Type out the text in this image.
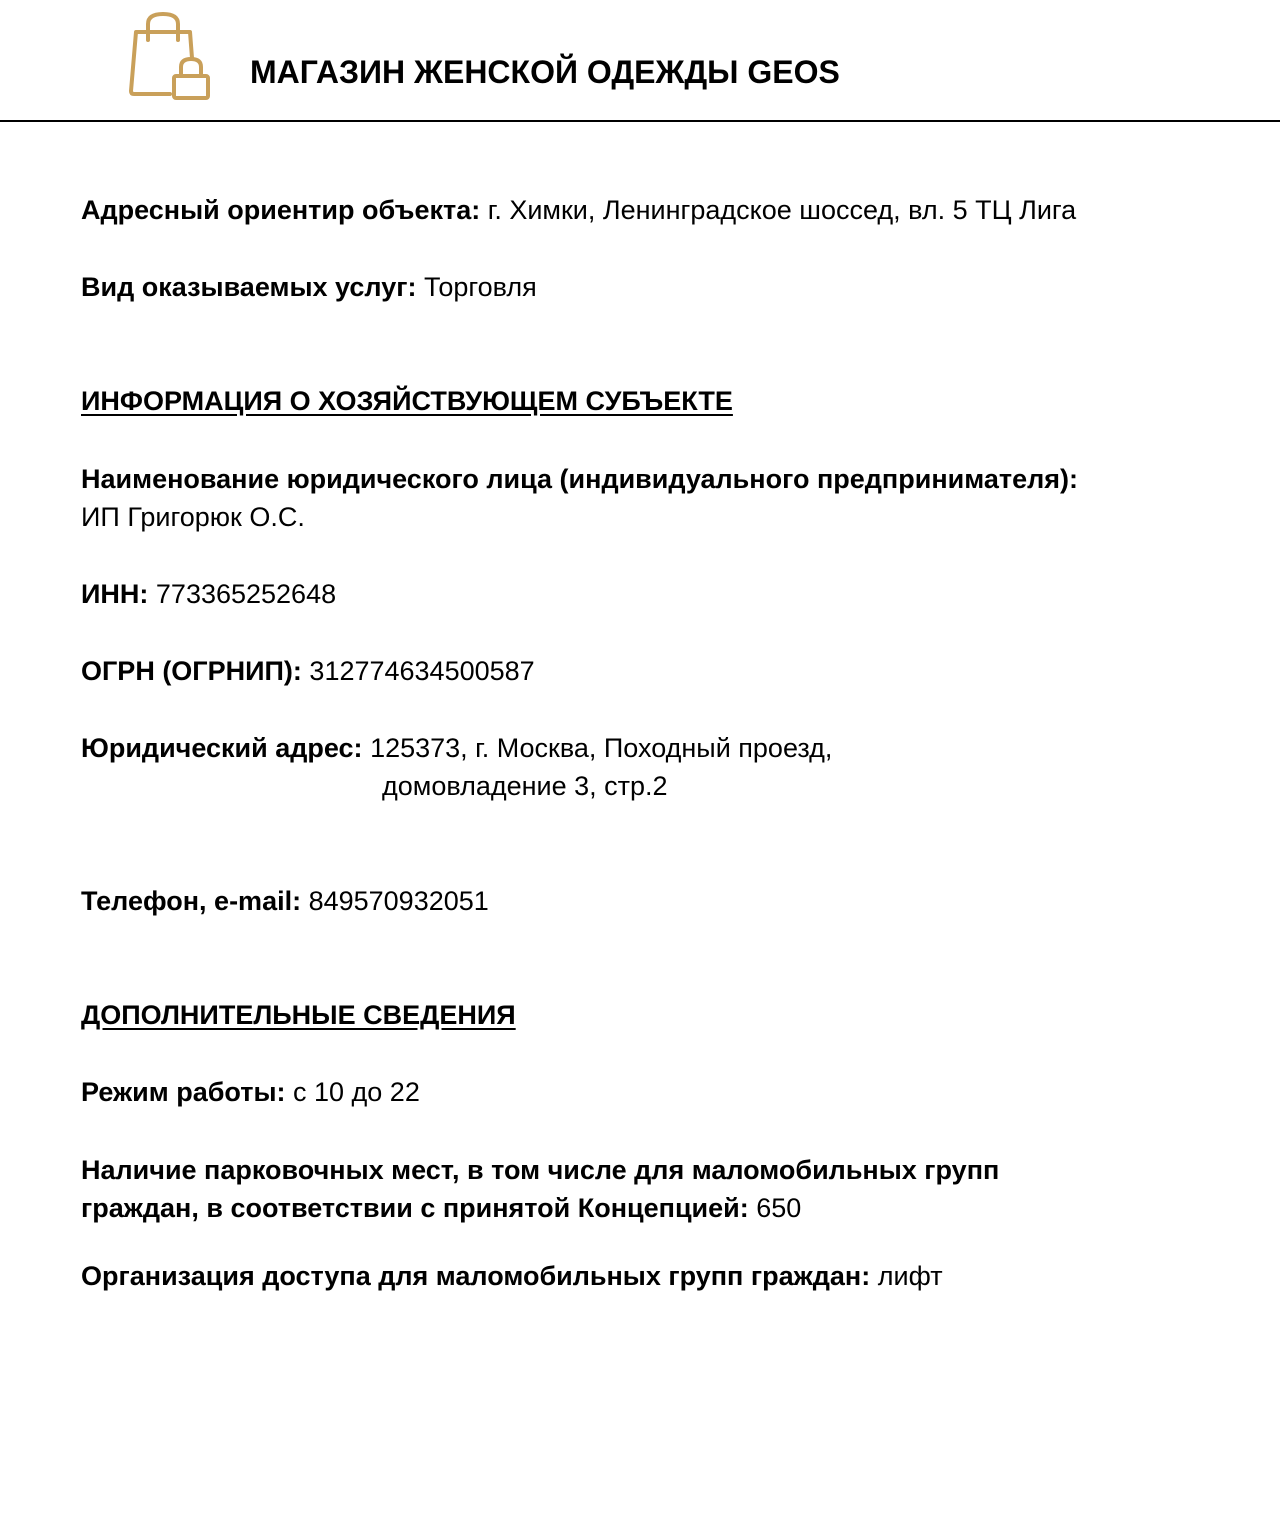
МАГАЗИН ЖЕНСКОЙ ОДЕЖДЫ GEOS
Адресный ориентир объекта: г. Химки, Ленинградское шоссед, вл. 5 ТЦ Лига
Вид оказываемых услуг: Торговля
ИНФОРМАЦИЯ О ХОЗЯЙСТВУЮЩЕМ СУБЪЕКТЕ
Наименование юридического лица (индивидуального предпринимателя):
ИП Григорюк О.С.
ИНН: 773365252648
ОГРН (ОГРНИП): 312774634500587
Юридический адрес: 125373, г. Москва, Походный проезд,
домовладение 3, стр.2
Телефон, e-mail: 849570932051
ДОПОЛНИТЕЛЬНЫЕ СВЕДЕНИЯ
Режим работы: с 10 до 22
Наличие парковочных мест, в том числе для маломобильных групп
граждан, в соответствии с принятой Концепцией: 650
Организация доступа для маломобильных групп граждан: лифт
